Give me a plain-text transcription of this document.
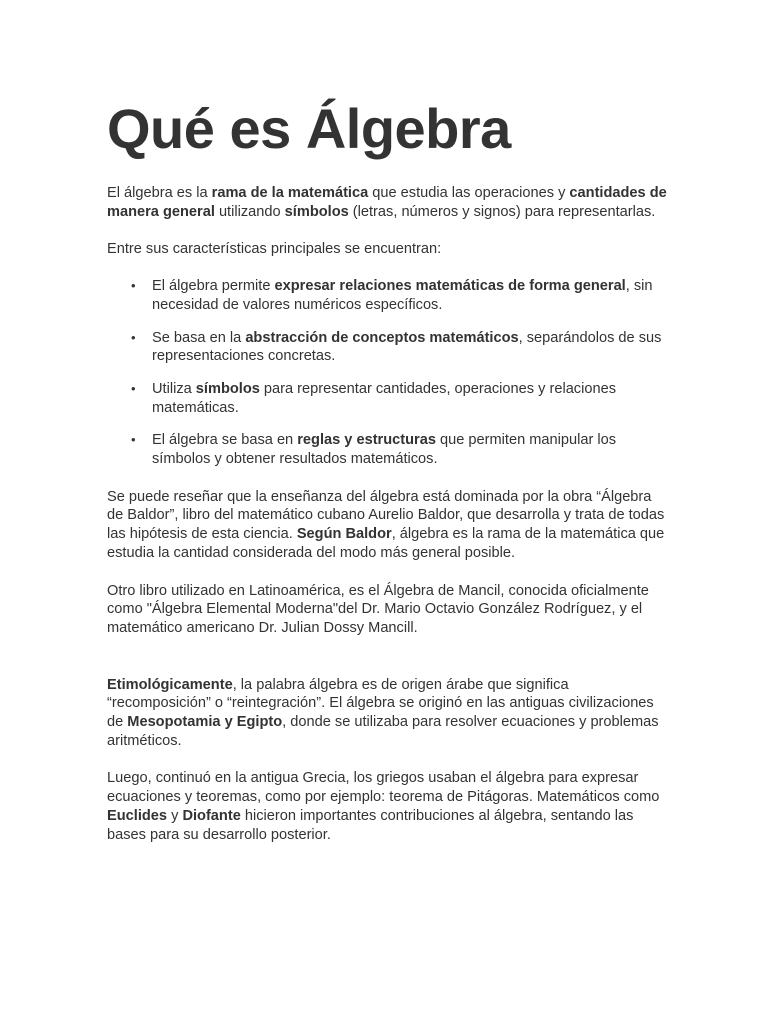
Qué es Álgebra

El álgebra es la rama de la matemática que estudia las operaciones y cantidades de manera general utilizando símbolos (letras, números y signos) para representarlas.

Entre sus características principales se encuentran:

• El álgebra permite expresar relaciones matemáticas de forma general, sin necesidad de valores numéricos específicos.
• Se basa en la abstracción de conceptos matemáticos, separándolos de sus representaciones concretas.
• Utiliza símbolos para representar cantidades, operaciones y relaciones matemáticas.
• El álgebra se basa en reglas y estructuras que permiten manipular los símbolos y obtener resultados matemáticos.

Se puede reseñar que la enseñanza del álgebra está dominada por la obra “Álgebra de Baldor”, libro del matemático cubano Aurelio Baldor, que desarrolla y trata de todas las hipótesis de esta ciencia. Según Baldor, álgebra es la rama de la matemática que estudia la cantidad considerada del modo más general posible.

Otro libro utilizado en Latinoamérica, es el Álgebra de Mancil, conocida oficialmente como "Álgebra Elemental Moderna"del Dr. Mario Octavio González Rodríguez, y el matemático americano Dr. Julian Dossy Mancill.

Etimológicamente, la palabra álgebra es de origen árabe que significa “recomposición” o “reintegración”. El álgebra se originó en las antiguas civilizaciones de Mesopotamia y Egipto, donde se utilizaba para resolver ecuaciones y problemas aritméticos.

Luego, continuó en la antigua Grecia, los griegos usaban el álgebra para expresar ecuaciones y teoremas, como por ejemplo: teorema de Pitágoras. Matemáticos como Euclides y Diofante hicieron importantes contribuciones al álgebra, sentando las bases para su desarrollo posterior.
